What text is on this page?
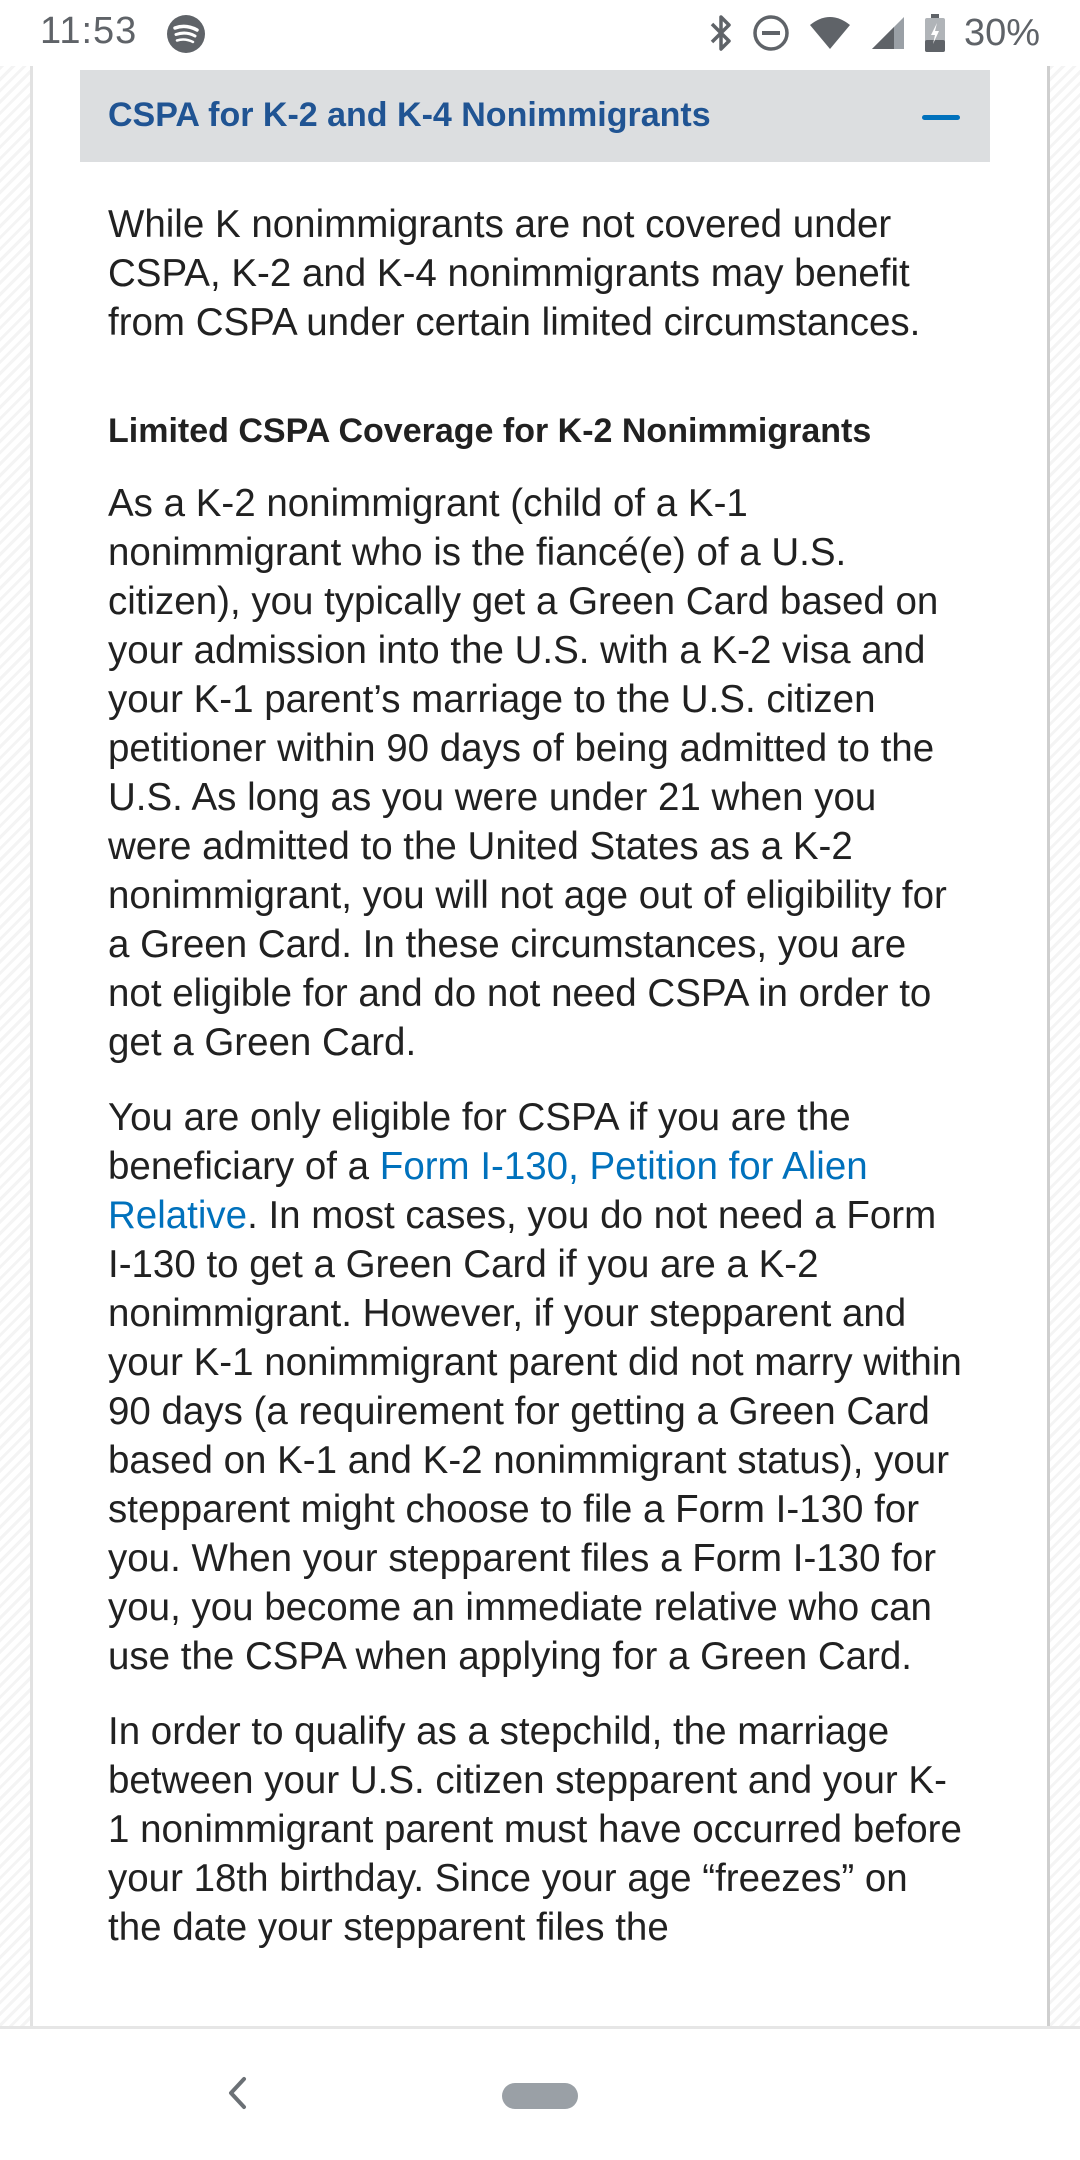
11:53	30%
CSPA for K-2 and K-4 Nonimmigrants

While K nonimmigrants are not covered under CSPA, K-2 and K-4 nonimmigrants may benefit from CSPA under certain limited circumstances.

Limited CSPA Coverage for K-2 Nonimmigrants

As a K-2 nonimmigrant (child of a K-1 nonimmigrant who is the fiancé(e) of a U.S. citizen), you typically get a Green Card based on your admission into the U.S. with a K-2 visa and your K-1 parent’s marriage to the U.S. citizen petitioner within 90 days of being admitted to the U.S. As long as you were under 21 when you were admitted to the United States as a K-2 nonimmigrant, you will not age out of eligibility for a Green Card. In these circumstances, you are not eligible for and do not need CSPA in order to get a Green Card.

You are only eligible for CSPA if you are the beneficiary of a Form I-130, Petition for Alien Relative. In most cases, you do not need a Form I-130 to get a Green Card if you are a K-2 nonimmigrant. However, if your stepparent and your K-1 nonimmigrant parent did not marry within 90 days (a requirement for getting a Green Card based on K-1 and K-2 nonimmigrant status), your stepparent might choose to file a Form I-130 for you. When your stepparent files a Form I-130 for you, you become an immediate relative who can use the CSPA when applying for a Green Card.

In order to qualify as a stepchild, the marriage between your U.S. citizen stepparent and your K-1 nonimmigrant parent must have occurred before your 18th birthday. Since your age “freezes” on the date your stepparent files the
